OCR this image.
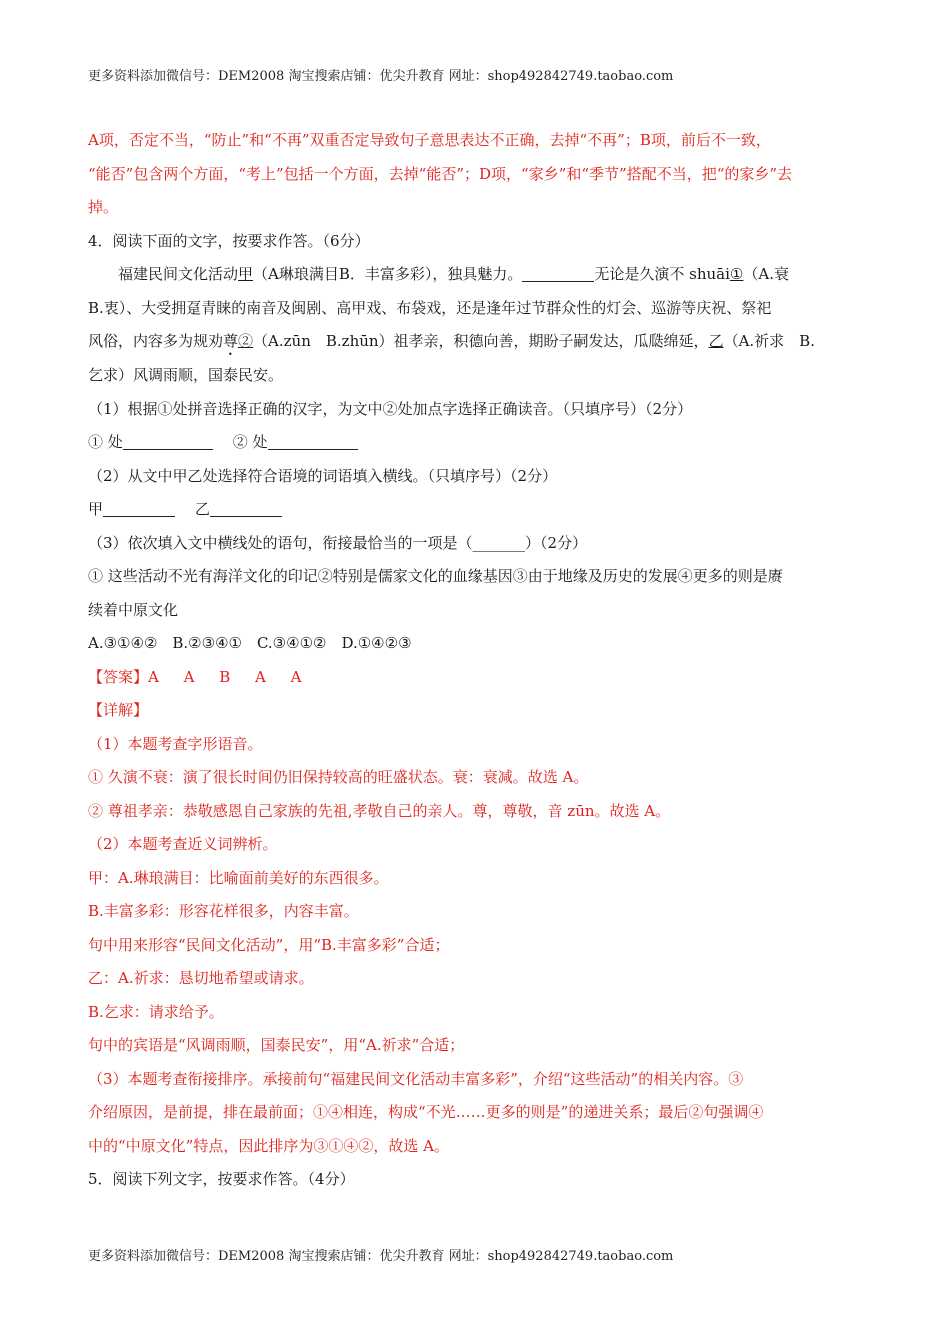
更多资料添加微信号：DEM2008 淘宝搜索店铺：优尖升教育 网址：shop492842749.taobao.com

A项，否定不当，“防止”和“不再”双重否定导致句子意思表达不正确，去掉“不再”；B项，前后不一致，

“能否”包含两个方面，“考上”包括一个方面，去掉“能否”；D项，“家乡”和“季节”搭配不当，把“的家乡”去

掉。

4．阅读下面的文字，按要求作答。（6分）

福建民间文化活动甲（A琳琅满目B．丰富多彩），独具魅力。	无论是久演不 shuāi①（A.衰

B.衷）、大受拥趸青睐的南音及闽剧、高甲戏、布袋戏，还是逢年过节群众性的灯会、巡游等庆祝、祭祀

风俗，内容多为规劝尊②（A.zūn　B.zhūn）祖孝亲，积德向善，期盼子嗣发达，瓜瓞绵延，乙（A.祈求　B.

乞求）风调雨顺，国泰民安。

（1）根据①处拼音选择正确的汉字，为文中②处加点字选择正确读音。（只填序号）（2分）

① 处	② 处

（2）从文中甲乙处选择符合语境的词语填入横线。（只填序号）（2分）

甲	乙

（3）依次填入文中横线处的语句，衔接最恰当的一项是（_______）（2分）

① 这些活动不光有海洋文化的印记②特别是儒家文化的血缘基因③由于地缘及历史的发展④更多的则是赓

续着中原文化

A.③①④②　B.②③④①　C.③④①②　D.①④②③

【答案】A A B A A

【详解】

（1）本题考查字形语音。

① 久演不衰：演了很长时间仍旧保持较高的旺盛状态。衰：衰减。故选 A。

② 尊祖孝亲：恭敬感恩自己家族的先祖,孝敬自己的亲人。尊，尊敬，音 zūn。故选 A。

（2）本题考查近义词辨析。

甲：A.琳琅满目：比喻面前美好的东西很多。

B.丰富多彩：形容花样很多，内容丰富。

句中用来形容“民间文化活动”，用“B.丰富多彩”合适；

乙：A.祈求：恳切地希望或请求。

B.乞求：请求给予。

句中的宾语是“风调雨顺，国泰民安”，用“A.祈求”合适；

（3）本题考查衔接排序。承接前句“福建民间文化活动丰富多彩”，介绍“这些活动”的相关内容。③

介绍原因，是前提，排在最前面；①④相连，构成“不光……更多的则是”的递进关系；最后②句强调④

中的“中原文化”特点，因此排序为③①④②，故选 A。

5．阅读下列文字，按要求作答。（4分）

更多资料添加微信号：DEM2008 淘宝搜索店铺：优尖升教育 网址：shop492842749.taobao.com
